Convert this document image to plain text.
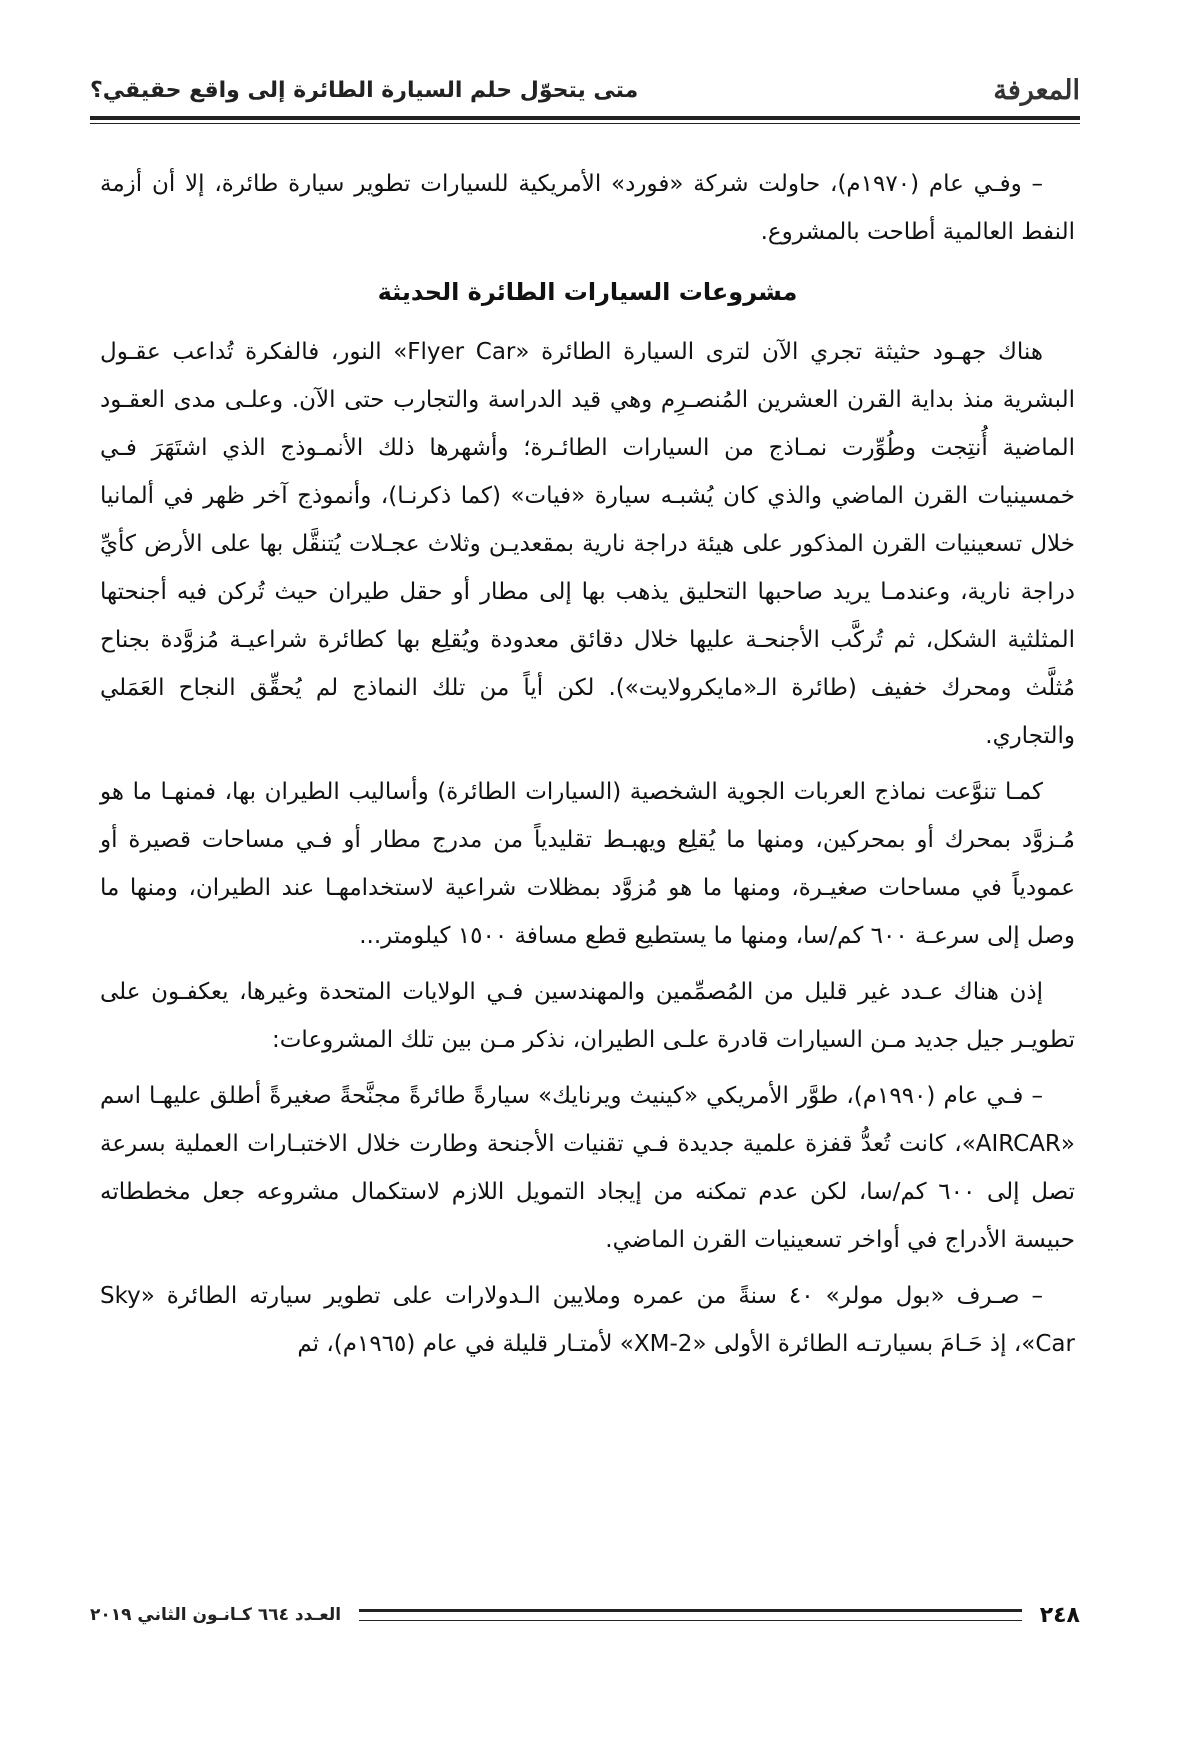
المعرفة
متى يتحوّل حلم السيارة الطائرة إلى واقع حقيقي؟

– وفـي عام (١٩٧٠م)، حاولت شركة «فورد» الأمريكية للسيارات تطوير سيارة طائرة، إلا أن أزمة النفط العالمية أطاحت بالمشروع.

مشروعات السيارات الطائرة الحديثة

هناك جهـود حثيثة تجري الآن لترى السيارة الطائرة «Flyer Car» النور، فالفكرة تُداعب عقـول البشرية منذ بداية القرن العشرين المُنصـرِم وهي قيد الدراسة والتجارب حتى الآن. وعلـى مدى العقـود الماضية أُنتِجت وطُوِّرت نمـاذج من السيارات الطائـرة؛ وأشهرها ذلك الأنمـوذج الذي اشتَهَرَ فـي خمسينيات القرن الماضي والذي كان يُشبـه سيارة «فيات» (كما ذكرنـا)، وأنموذج آخر ظهر في ألمانيا خلال تسعينيات القرن المذكور على هيئة دراجة نارية بمقعديـن وثلاث عجـلات يُتنقَّل بها على الأرض كأيِّ دراجة نارية، وعندمـا يريد صاحبها التحليق يذهب بها إلى مطار أو حقل طيران حيث تُركن فيه أجنحتها المثلثية الشكل، ثم تُركَّب الأجنحـة عليها خلال دقائق معدودة ويُقلِع بها كطائرة شراعيـة مُزوَّدة بجناح مُثلَّث ومحرك خفيف (طائرة الـ«مايكرولايت»). لكن أياً من تلك النماذج لم يُحقِّق النجاح العَمَلي والتجاري.

كمـا تنوَّعت نماذج العربات الجوية الشخصية (السيارات الطائرة) وأساليب الطيران بها، فمنهـا ما هو مُـزوَّد بمحرك أو بمحركين، ومنها ما يُقلِع ويهبـط تقليدياً من مدرج مطار أو فـي مساحات قصيرة أو عمودياً في مساحات صغيـرة، ومنها ما هو مُزوَّد بمظلات شراعية لاستخدامهـا عند الطيران، ومنها ما وصل إلى سرعـة ٦٠٠ كم/سا، ومنها ما يستطيع قطع مسافة ١٥٠٠ كيلومتر...

إذن هناك عـدد غير قليل من المُصمِّمين والمهندسين فـي الولايات المتحدة وغيرها، يعكفـون على تطويـر جيل جديد مـن السيارات قادرة علـى الطيران، نذكر مـن بين تلك المشروعات:

– فـي عام (١٩٩٠م)، طوَّر الأمريكي «كينيث ويرنايك» سيارةً طائرةً مجنَّحةً صغيرةً أطلق عليهـا اسم «AIRCAR»، كانت تُعدُّ قفزة علمية جديدة فـي تقنيات الأجنحة وطارت خلال الاختبـارات العملية بسرعة تصل إلى ٦٠٠ كم/سا، لكن عدم تمكنه من إيجاد التمويل اللازم لاستكمال مشروعه جعل مخططاته حبيسة الأدراج في أواخر تسعينيات القرن الماضي.

– صـرف «بول مولر» ٤٠ سنةً من عمره وملايين الـدولارات على تطوير سيارته الطائرة «Sky Car»، إذ حَـامَ بسيارتـه الطائرة الأولى «XM-2» لأمتـار قليلة في عام (١٩٦٥م)، ثم

٢٤٨
العـدد ٦٦٤ كـانـون الثاني ٢٠١٩
